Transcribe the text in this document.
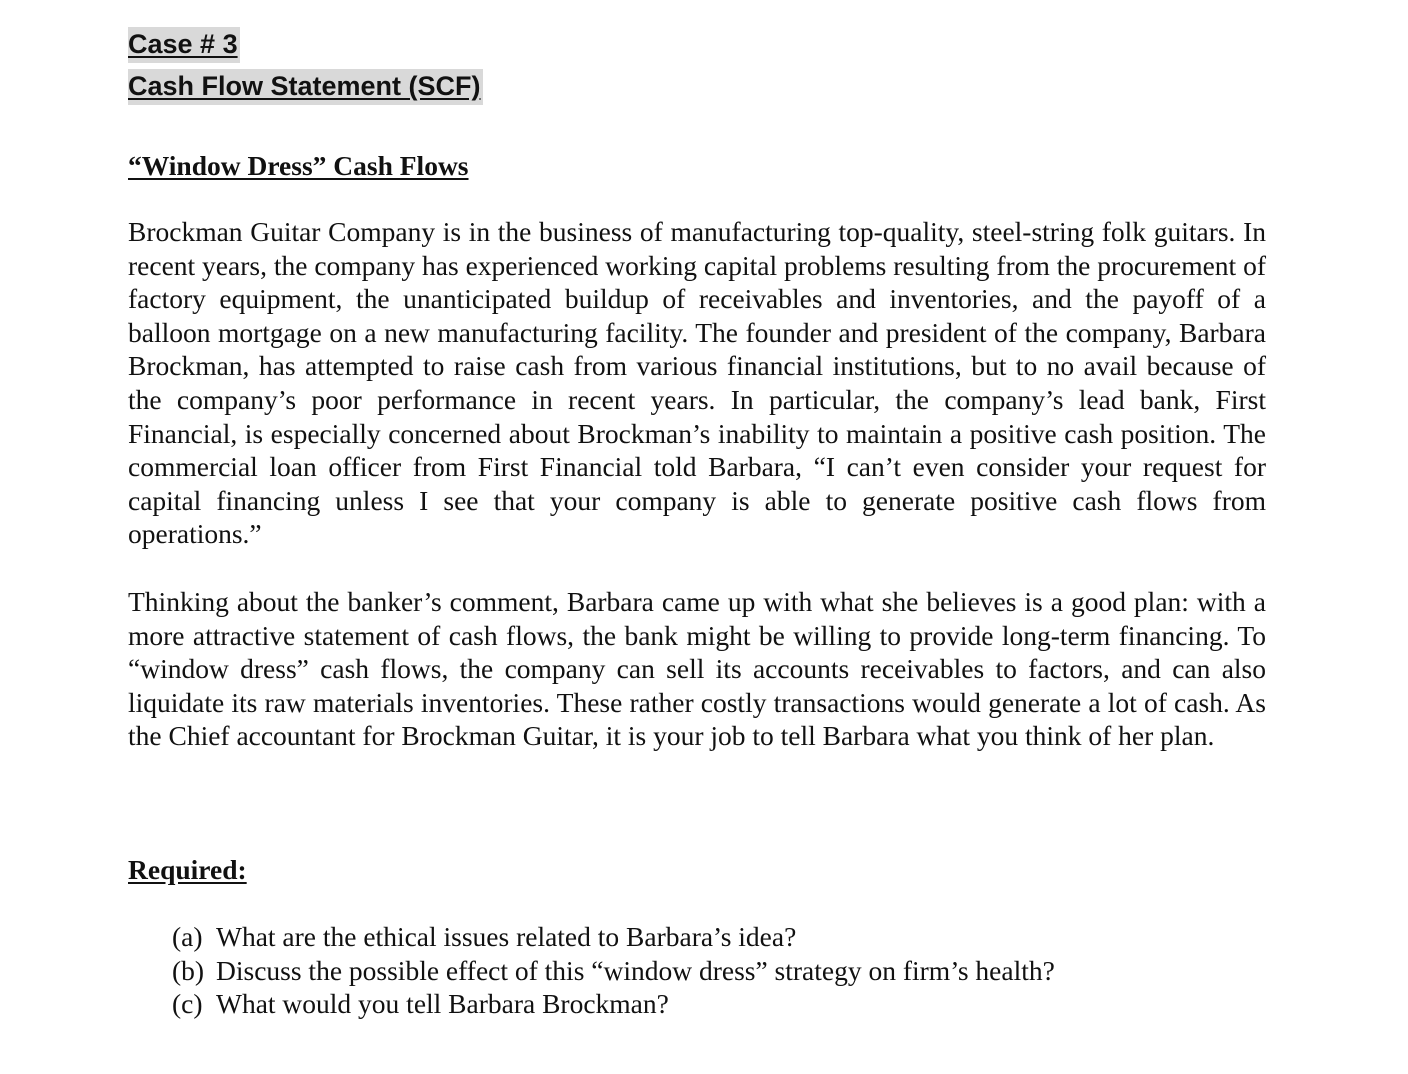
Case # 3
Cash Flow Statement (SCF)
“Window Dress” Cash Flows

Brockman Guitar Company is in the business of manufacturing top-quality, steel-string folk guitars. In recent years, the company has experienced working capital problems resulting from the procurement of factory equipment, the unanticipated buildup of receivables and inventories, and the payoff of a balloon mortgage on a new manufacturing facility. The founder and president of the company, Barbara Brockman, has attempted to raise cash from various financial institutions, but to no avail because of the company’s poor performance in recent years. In particular, the company’s lead bank, First Financial, is especially concerned about Brockman’s inability to maintain a positive cash position. The commercial loan officer from First Financial told Barbara, “I can’t even consider your request for capital financing unless I see that your company is able to generate positive cash flows from operations.”

Thinking about the banker’s comment, Barbara came up with what she believes is a good plan: with a more attractive statement of cash flows, the bank might be willing to provide long-term financing. To “window dress” cash flows, the company can sell its accounts receivables to factors, and can also liquidate its raw materials inventories. These rather costly transactions would generate a lot of cash. As the Chief accountant for Brockman Guitar, it is your job to tell Barbara what you think of her plan.

Required:
(a) What are the ethical issues related to Barbara’s idea?
(b) Discuss the possible effect of this “window dress” strategy on firm’s health?
(c) What would you tell Barbara Brockman?
